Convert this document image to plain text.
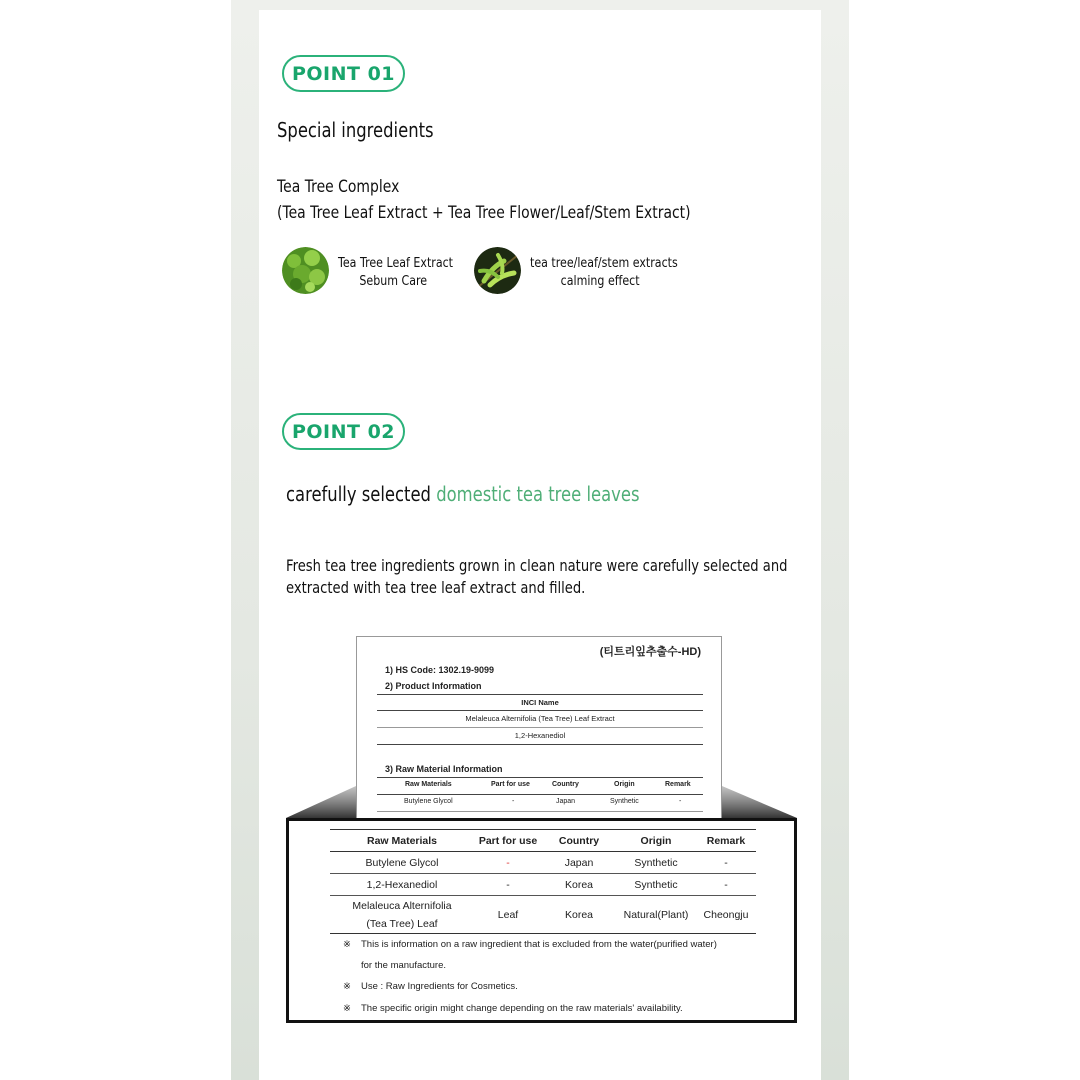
POINT 01
Special ingredients
Tea Tree Complex
(Tea Tree Leaf Extract + Tea Tree Flower/Leaf/Stem Extract)
Tea Tree Leaf Extract
Sebum Care
tea tree/leaf/stem extracts
calming effect
POINT 02
carefully selected domestic tea tree leaves
Fresh tea tree ingredients grown in clean nature were carefully selected and
extracted with tea tree leaf extract and filled.
(티트리잎추출수-HD)
1) HS Code: 1302.19-9099
2) Product Information
INCI Name
Melaleuca Alternifolia (Tea Tree) Leaf Extract
1,2-Hexanediol
3) Raw Material Information
Raw Materials	Part for use	Country	Origin	Remark
Butylene Glycol	-	Japan	Synthetic	-
Raw Materials	Part for use	Country	Origin	Remark
Butylene Glycol	-	Japan	Synthetic	-
1,2-Hexanediol	-	Korea	Synthetic	-

Melaleuca Alternifolia
(Tea Tree) Leaf	Leaf	Korea	Natural(Plant)	Cheongju
※ This is information on a raw ingredient that is excluded from the water(purified water)
for the manufacture.
※ Use : Raw Ingredients for Cosmetics.
※ The specific origin might change depending on the raw materials' availability.
